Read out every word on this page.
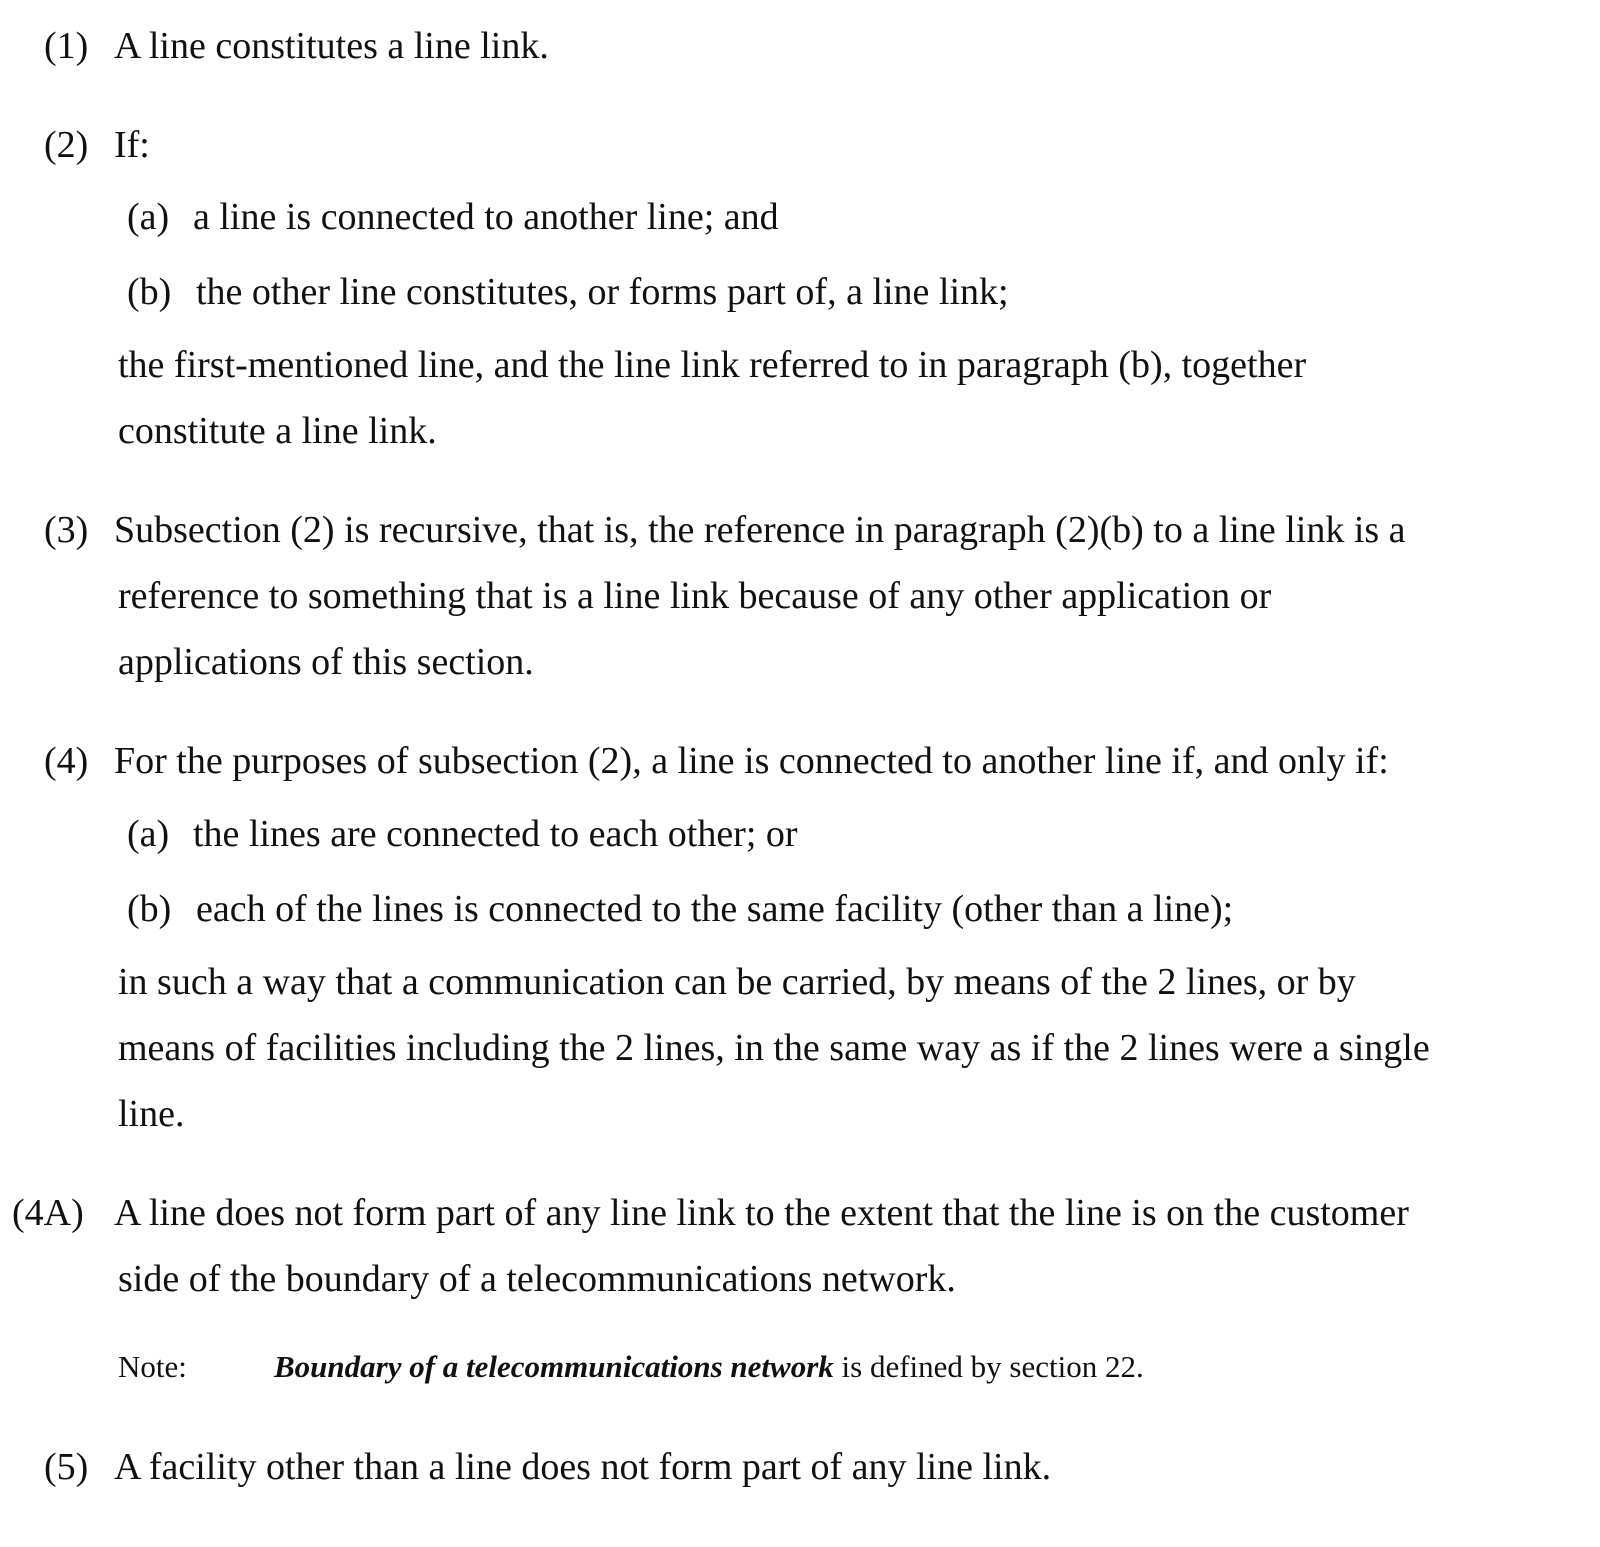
(1) A line constitutes a line link.
(2) If:
(a) a line is connected to another line; and
(b) the other line constitutes, or forms part of, a line link;
the first-mentioned line, and the line link referred to in paragraph (b), together
constitute a line link.
(3) Subsection (2) is recursive, that is, the reference in paragraph (2)(b) to a line link is a
reference to something that is a line link because of any other application or
applications of this section.
(4) For the purposes of subsection (2), a line is connected to another line if, and only if:
(a) the lines are connected to each other; or
(b) each of the lines is connected to the same facility (other than a line);
in such a way that a communication can be carried, by means of the 2 lines, or by
means of facilities including the 2 lines, in the same way as if the 2 lines were a single
line.
(4A) A line does not form part of any line link to the extent that the line is on the customer
side of the boundary of a telecommunications network.
Note:	Boundary of a telecommunications network is defined by section 22.
(5) A facility other than a line does not form part of any line link.
